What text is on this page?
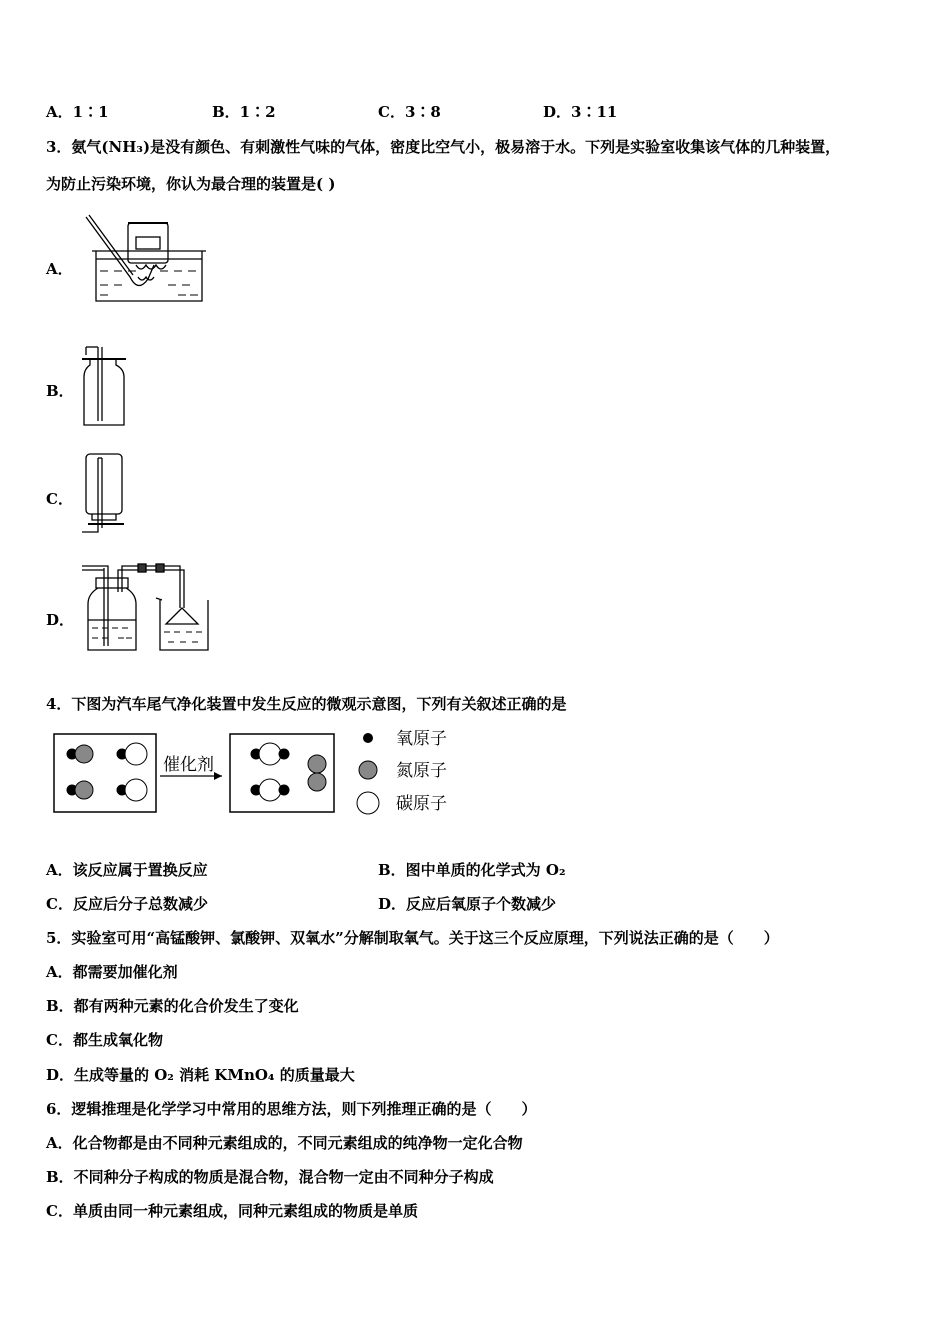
A．1∶1	B．1∶2	C．3∶8	D．3∶11
3．氨气(NH₃)是没有颜色、有刺激性气味的气体，密度比空气小，极易溶于水。下列是实验室收集该气体的几种装置，
为防止污染环境，你认为最合理的装置是( )
A．
B．
C．
D．
4．下图为汽车尾气净化装置中发生反应的微观示意图，下列有关叙述正确的是
催化剂
氧原子
氮原子
碳原子
A．该反应属于置换反应	B．图中单质的化学式为 O₂
C．反应后分子总数减少	D．反应后氧原子个数减少
5．实验室可用“高锰酸钾、氯酸钾、双氧水”分解制取氧气。关于这三个反应原理，下列说法正确的是（　　）
A．都需要加催化剂
B．都有两种元素的化合价发生了变化
C．都生成氧化物
D．生成等量的 O₂ 消耗 KMnO₄ 的质量最大
6．逻辑推理是化学学习中常用的思维方法，则下列推理正确的是（　　）
A．化合物都是由不同种元素组成的，不同元素组成的纯净物一定化合物
B．不同种分子构成的物质是混合物，混合物一定由不同种分子构成
C．单质由同一种元素组成，同种元素组成的物质是单质
